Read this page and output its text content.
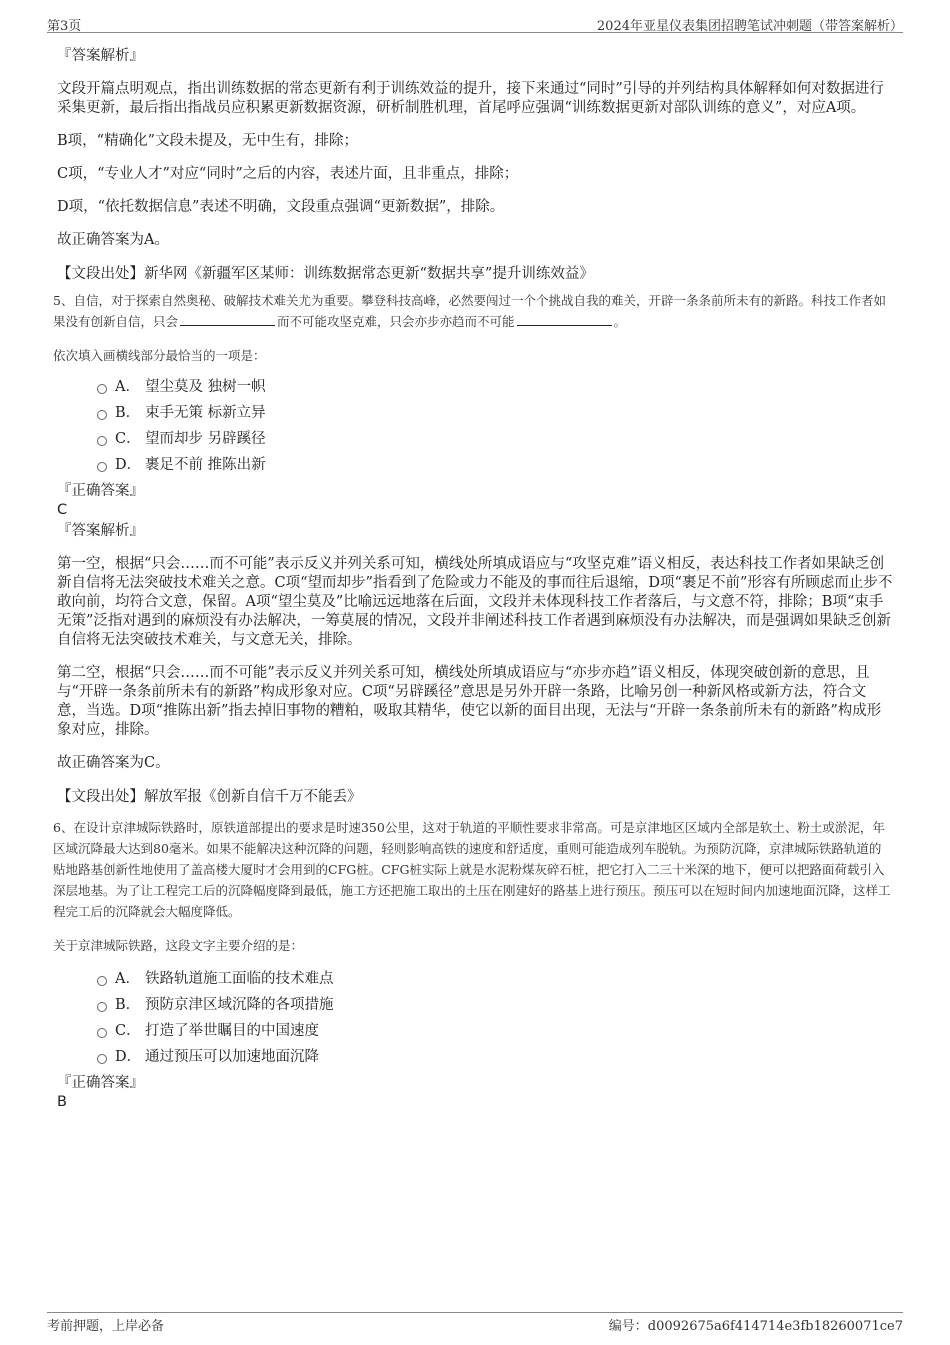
第3页	2024年亚星仪表集团招聘笔试冲刺题（带答案解析）
『答案解析』

文段开篇点明观点，指出训练数据的常态更新有利于训练效益的提升，接下来通过“同时”引导的并列结构具体解释如何对数据进行采集更新，最后指出指战员应积累更新数据资源，研析制胜机理，首尾呼应强调“训练数据更新对部队训练的意义”，对应A项。

B项，“精确化”文段未提及，无中生有，排除；

C项，“专业人才”对应“同时”之后的内容，表述片面，且非重点，排除；

D项，“依托数据信息”表述不明确，文段重点强调“更新数据”，排除。

故正确答案为A。

【文段出处】新华网《新疆军区某师：训练数据常态更新“数据共享”提升训练效益》

5、自信，对于探索自然奥秘、破解技术难关尤为重要。攀登科技高峰，必然要闯过一个个挑战自我的难关，开辟一条条前所未有的新路。科技工作者如果没有创新自信，只会	而不可能攻坚克难，只会亦步亦趋而不可能	。

依次填入画横线部分最恰当的一项是：

A． 望尘莫及 独树一帜
B． 束手无策 标新立异
C． 望而却步 另辟蹊径
D． 裹足不前 推陈出新
『正确答案』
C
『答案解析』

第一空，根据“只会……而不可能”表示反义并列关系可知，横线处所填成语应与“攻坚克难”语义相反，表达科技工作者如果缺乏创新自信将无法突破技术难关之意。C项“望而却步”指看到了危险或力不能及的事而往后退缩，D项“裹足不前”形容有所顾虑而止步不敢向前，均符合文意，保留。A项“望尘莫及”比喻远远地落在后面，文段并未体现科技工作者落后，与文意不符，排除；B项“束手无策”泛指对遇到的麻烦没有办法解决，一筹莫展的情况，文段并非阐述科技工作者遇到麻烦没有办法解决，而是强调如果缺乏创新自信将无法突破技术难关，与文意无关，排除。

第二空，根据“只会……而不可能”表示反义并列关系可知，横线处所填成语应与“亦步亦趋”语义相反，体现突破创新的意思，且与“开辟一条条前所未有的新路”构成形象对应。C项“另辟蹊径”意思是另外开辟一条路，比喻另创一种新风格或新方法，符合文意，当选。D项“推陈出新”指去掉旧事物的糟粕，吸取其精华，使它以新的面目出现，无法与“开辟一条条前所未有的新路”构成形象对应，排除。

故正确答案为C。

【文段出处】解放军报《创新自信千万不能丢》

6、在设计京津城际铁路时，原铁道部提出的要求是时速350公里，这对于轨道的平顺性要求非常高。可是京津地区区域内全部是软土、粉土或淤泥，年区域沉降最大达到80毫米。如果不能解决这种沉降的问题，轻则影响高铁的速度和舒适度，重则可能造成列车脱轨。为预防沉降，京津城际铁路轨道的贴地路基创新性地使用了盖高楼大厦时才会用到的CFG桩。CFG桩实际上就是水泥粉煤灰碎石桩，把它打入二三十米深的地下，便可以把路面荷载引入深层地基。为了让工程完工后的沉降幅度降到最低，施工方还把施工取出的土压在刚建好的路基上进行预压。预压可以在短时间内加速地面沉降，这样工程完工后的沉降就会大幅度降低。

关于京津城际铁路，这段文字主要介绍的是：

A． 铁路轨道施工面临的技术难点
B． 预防京津区域沉降的各项措施
C． 打造了举世瞩目的中国速度
D． 通过预压可以加速地面沉降
『正确答案』
B
考前押题，上岸必备	编号：d0092675a6f414714e3fb18260071ce7
